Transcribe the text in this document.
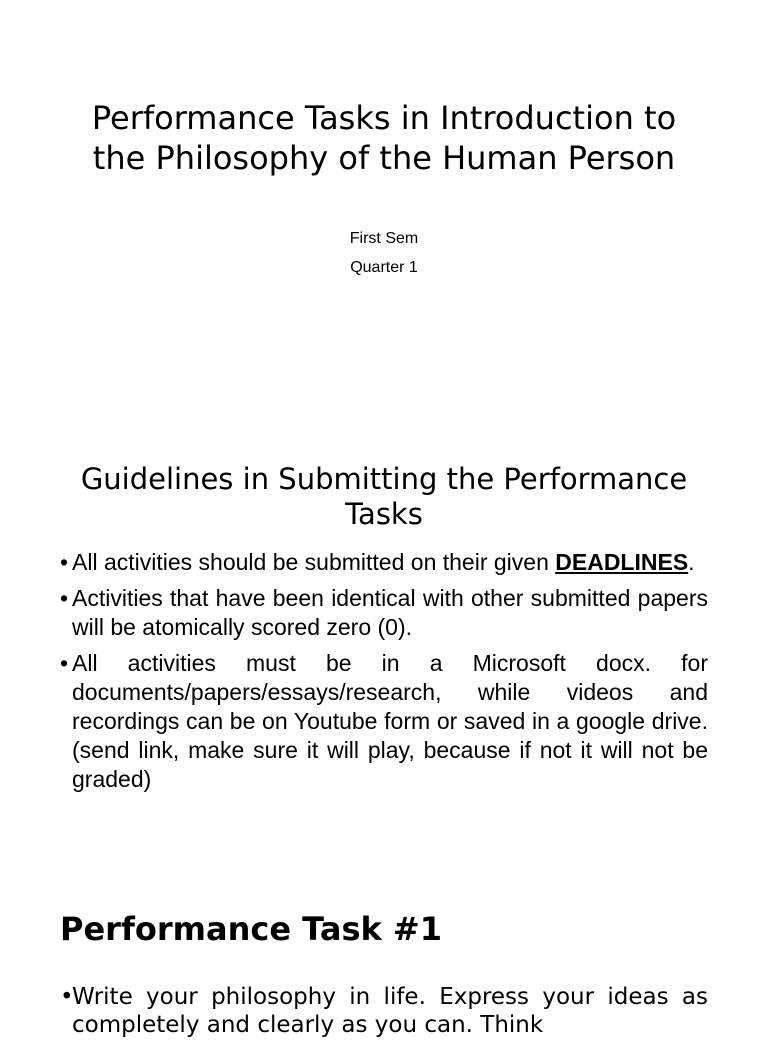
Performance Tasks in Introduction to the Philosophy of the Human Person

First Sem

Quarter 1

Guidelines in Submitting the Performance Tasks
• All activities should be submitted on their given DEADLINES.
• Activities that have been identical with other submitted papers will be atomically scored zero (0).
• All activities must be in a Microsoft docx. for documents/papers/essays/research, while videos and recordings can be on Youtube form or saved in a google drive. (send link, make sure it will play, because if not it will not be graded)
Performance Task #1
•
Write your philosophy in life. Express your ideas as completely and clearly as you can. Think
